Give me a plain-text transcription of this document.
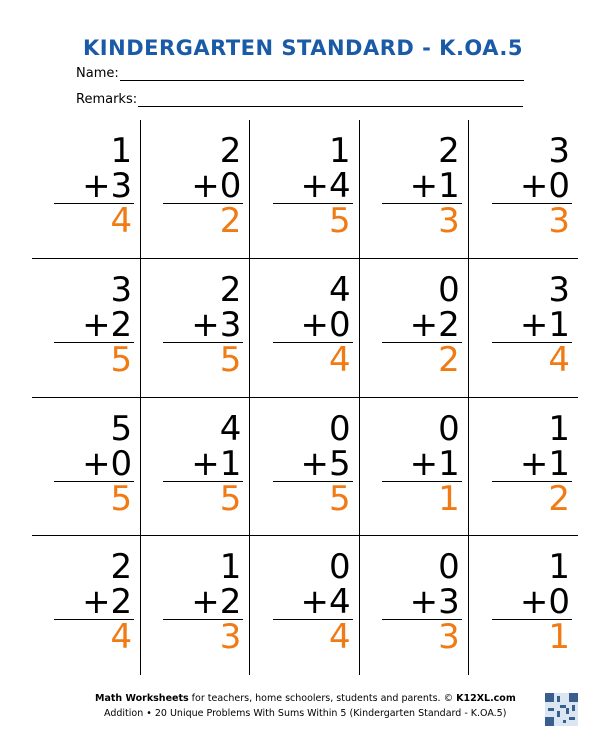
KINDERGARTEN STANDARD - K.OA.5
Name:
Remarks:
1
+3
4
2
+0
2
1
+4
5
2
+1
3
3
+0
3
3
+2
5
2
+3
5
4
+0
4
0
+2
2
3
+1
4
5
+0
5
4
+1
5
0
+5
5
0
+1
1
1
+1
2
2
+2
4
1
+2
3
0
+4
4
0
+3
3
1
+0
1
Math Worksheets for teachers, home schoolers, students and parents. © K12XL.com
Addition • 20 Unique Problems With Sums Within 5 (Kindergarten Standard - K.OA.5)
